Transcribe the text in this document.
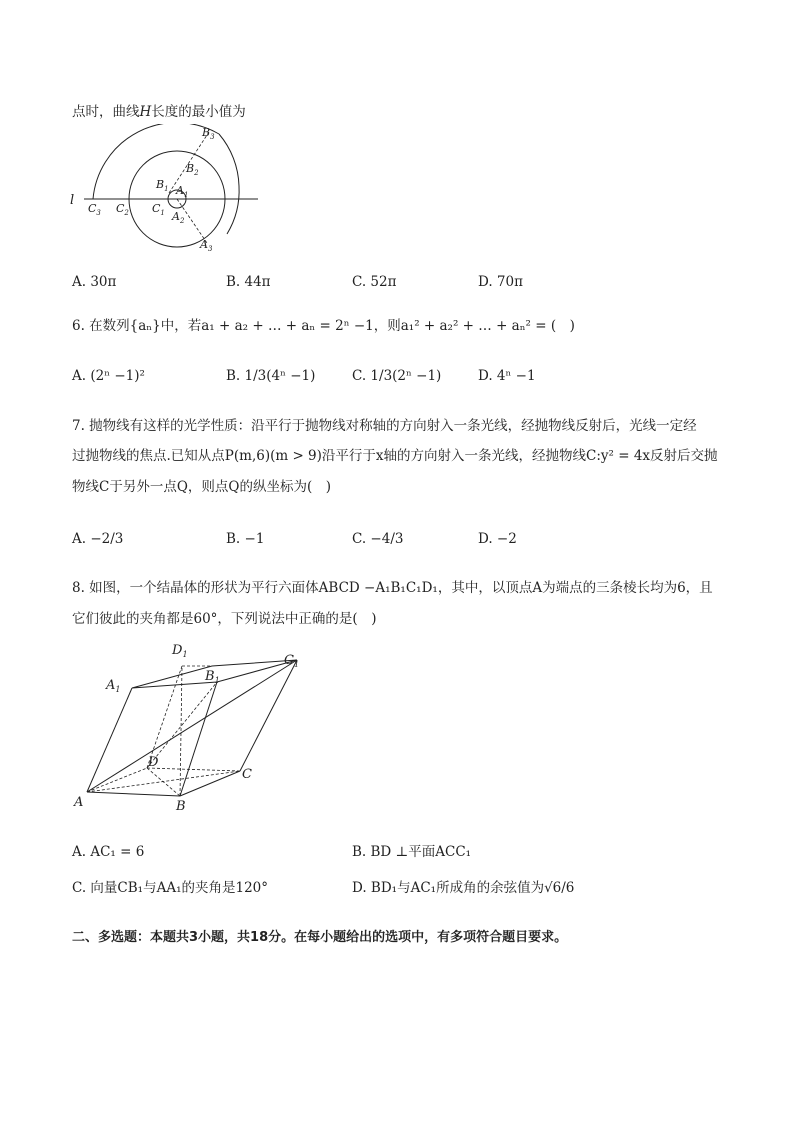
点时，曲线H长度的最小值为
l
$C_3$ $C_2$ $C_1$
$B_1$
$B_2$
$B_3$
$A_1$
$A_2$
$A_3$
A. 30π	B. 44π	C. 52π	D. 70π
6. 在数列{aₙ}中，若a₁ + a₂ + … + aₙ = 2ⁿ −1，则a₁² + a₂² + … + aₙ² = (　)
A. (2ⁿ −1)²	B. 1/3(4ⁿ −1)	C. 1/3(2ⁿ −1)	D. 4ⁿ −1
7. 抛物线有这样的光学性质：沿平行于抛物线对称轴的方向射入一条光线，经抛物线反射后，光线一定经
过抛物线的焦点.已知从点P(m,6)(m > 9)沿平行于x轴的方向射入一条光线，经抛物线C:y² = 4x反射后交抛
物线C于另外一点Q，则点Q的纵坐标为(　)
A. −2/3	B. −1	C. −4/3	D. −2
8. 如图，一个结晶体的形状为平行六面体ABCD −A₁B₁C₁D₁，其中，以顶点A为端点的三条棱长均为6，且
它们彼此的夹角都是60°，下列说法中正确的是(　)
A	B
C
D
$A_1$
$B_1$
$C_1$
$D_1$
A. AC₁ = 6	B. BD ⊥平面ACC₁
C. 向量CB₁与AA₁的夹角是120°	D. BD₁与AC₁所成角的余弦值为√6/6
二、多选题：本题共3小题，共18分。在每小题给出的选项中，有多项符合题目要求。
